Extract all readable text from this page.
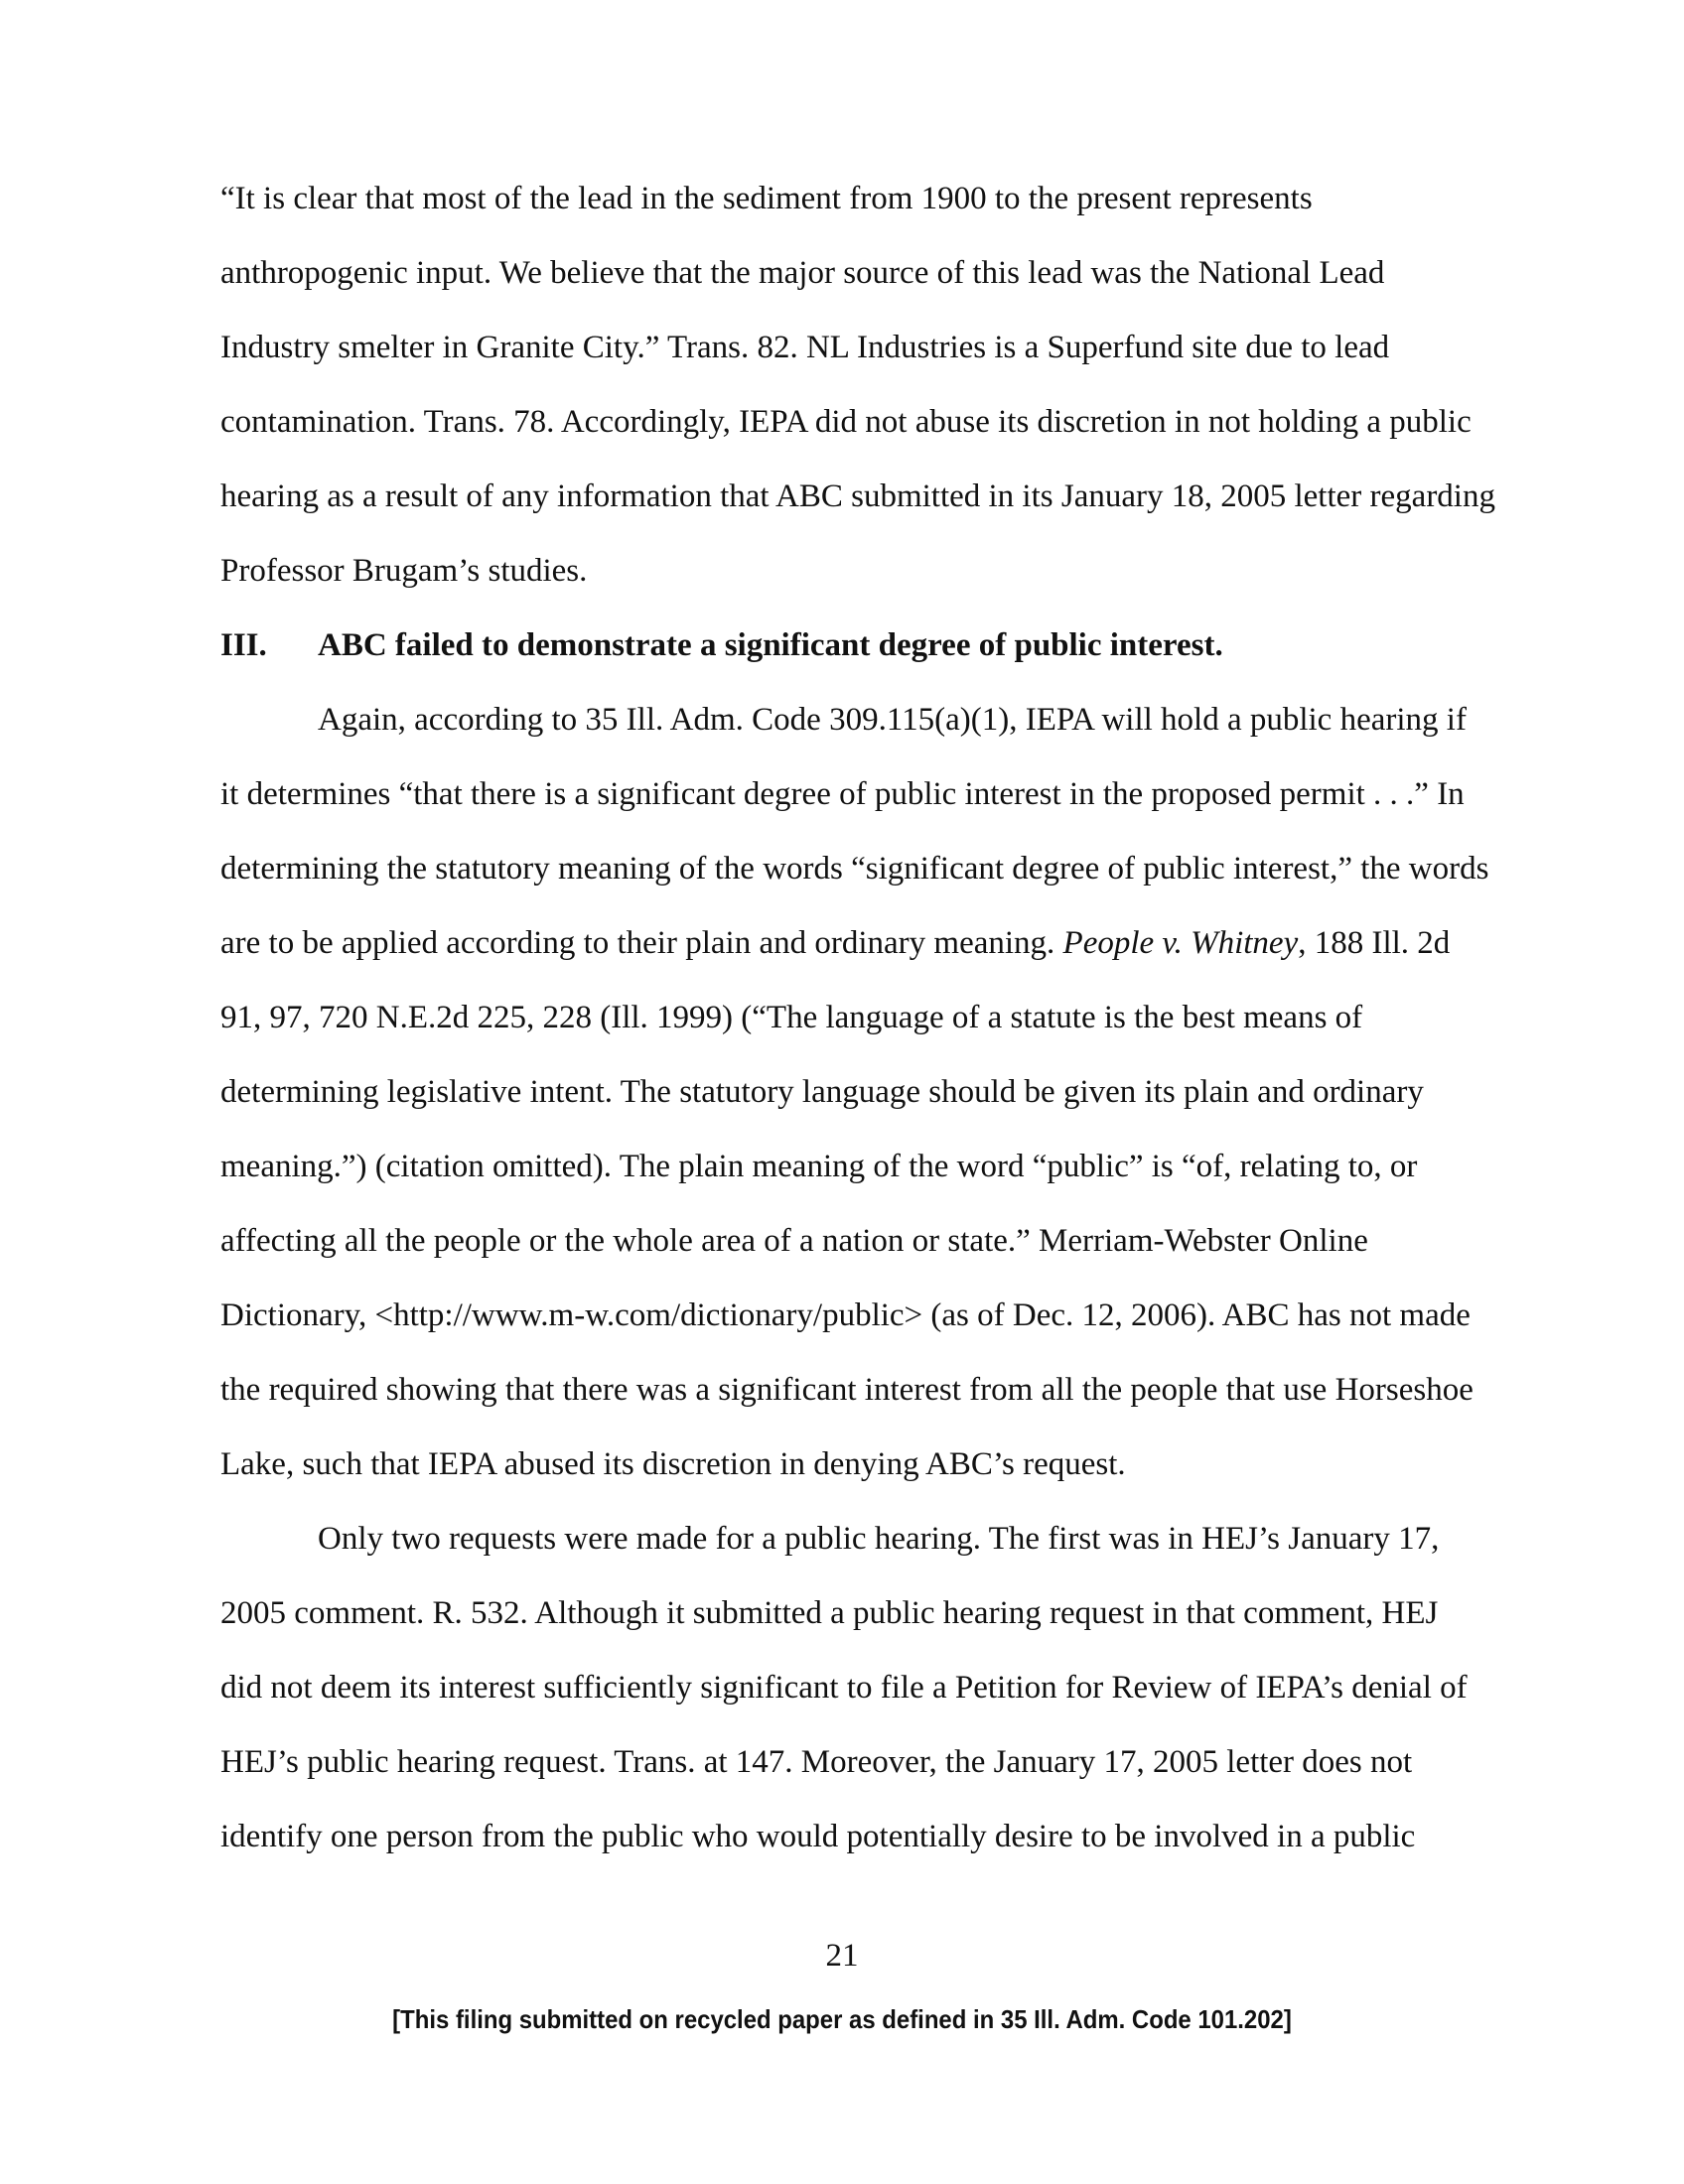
“It is clear that most of the lead in the sediment from 1900 to the present represents
anthropogenic input. We believe that the major source of this lead was the National Lead
Industry smelter in Granite City.” Trans. 82. NL Industries is a Superfund site due to lead
contamination. Trans. 78. Accordingly, IEPA did not abuse its discretion in not holding a public
hearing as a result of any information that ABC submitted in its January 18, 2005 letter regarding
Professor Brugam’s studies.
III. ABC failed to demonstrate a significant degree of public interest.
Again, according to 35 Ill. Adm. Code 309.115(a)(1), IEPA will hold a public hearing if
it determines “that there is a significant degree of public interest in the proposed permit . . .” In
determining the statutory meaning of the words “significant degree of public interest,” the words
are to be applied according to their plain and ordinary meaning. People v. Whitney, 188 Ill. 2d
91, 97, 720 N.E.2d 225, 228 (Ill. 1999) (“The language of a statute is the best means of
determining legislative intent. The statutory language should be given its plain and ordinary
meaning.”) (citation omitted). The plain meaning of the word “public” is “of, relating to, or
affecting all the people or the whole area of a nation or state.” Merriam-Webster Online
Dictionary, <http://www.m-w.com/dictionary/public> (as of Dec. 12, 2006). ABC has not made
the required showing that there was a significant interest from all the people that use Horseshoe
Lake, such that IEPA abused its discretion in denying ABC’s request.
Only two requests were made for a public hearing. The first was in HEJ’s January 17,
2005 comment. R. 532. Although it submitted a public hearing request in that comment, HEJ
did not deem its interest sufficiently significant to file a Petition for Review of IEPA’s denial of
HEJ’s public hearing request. Trans. at 147. Moreover, the January 17, 2005 letter does not
identify one person from the public who would potentially desire to be involved in a public
21
[This filing submitted on recycled paper as defined in 35 Ill. Adm. Code 101.202]
